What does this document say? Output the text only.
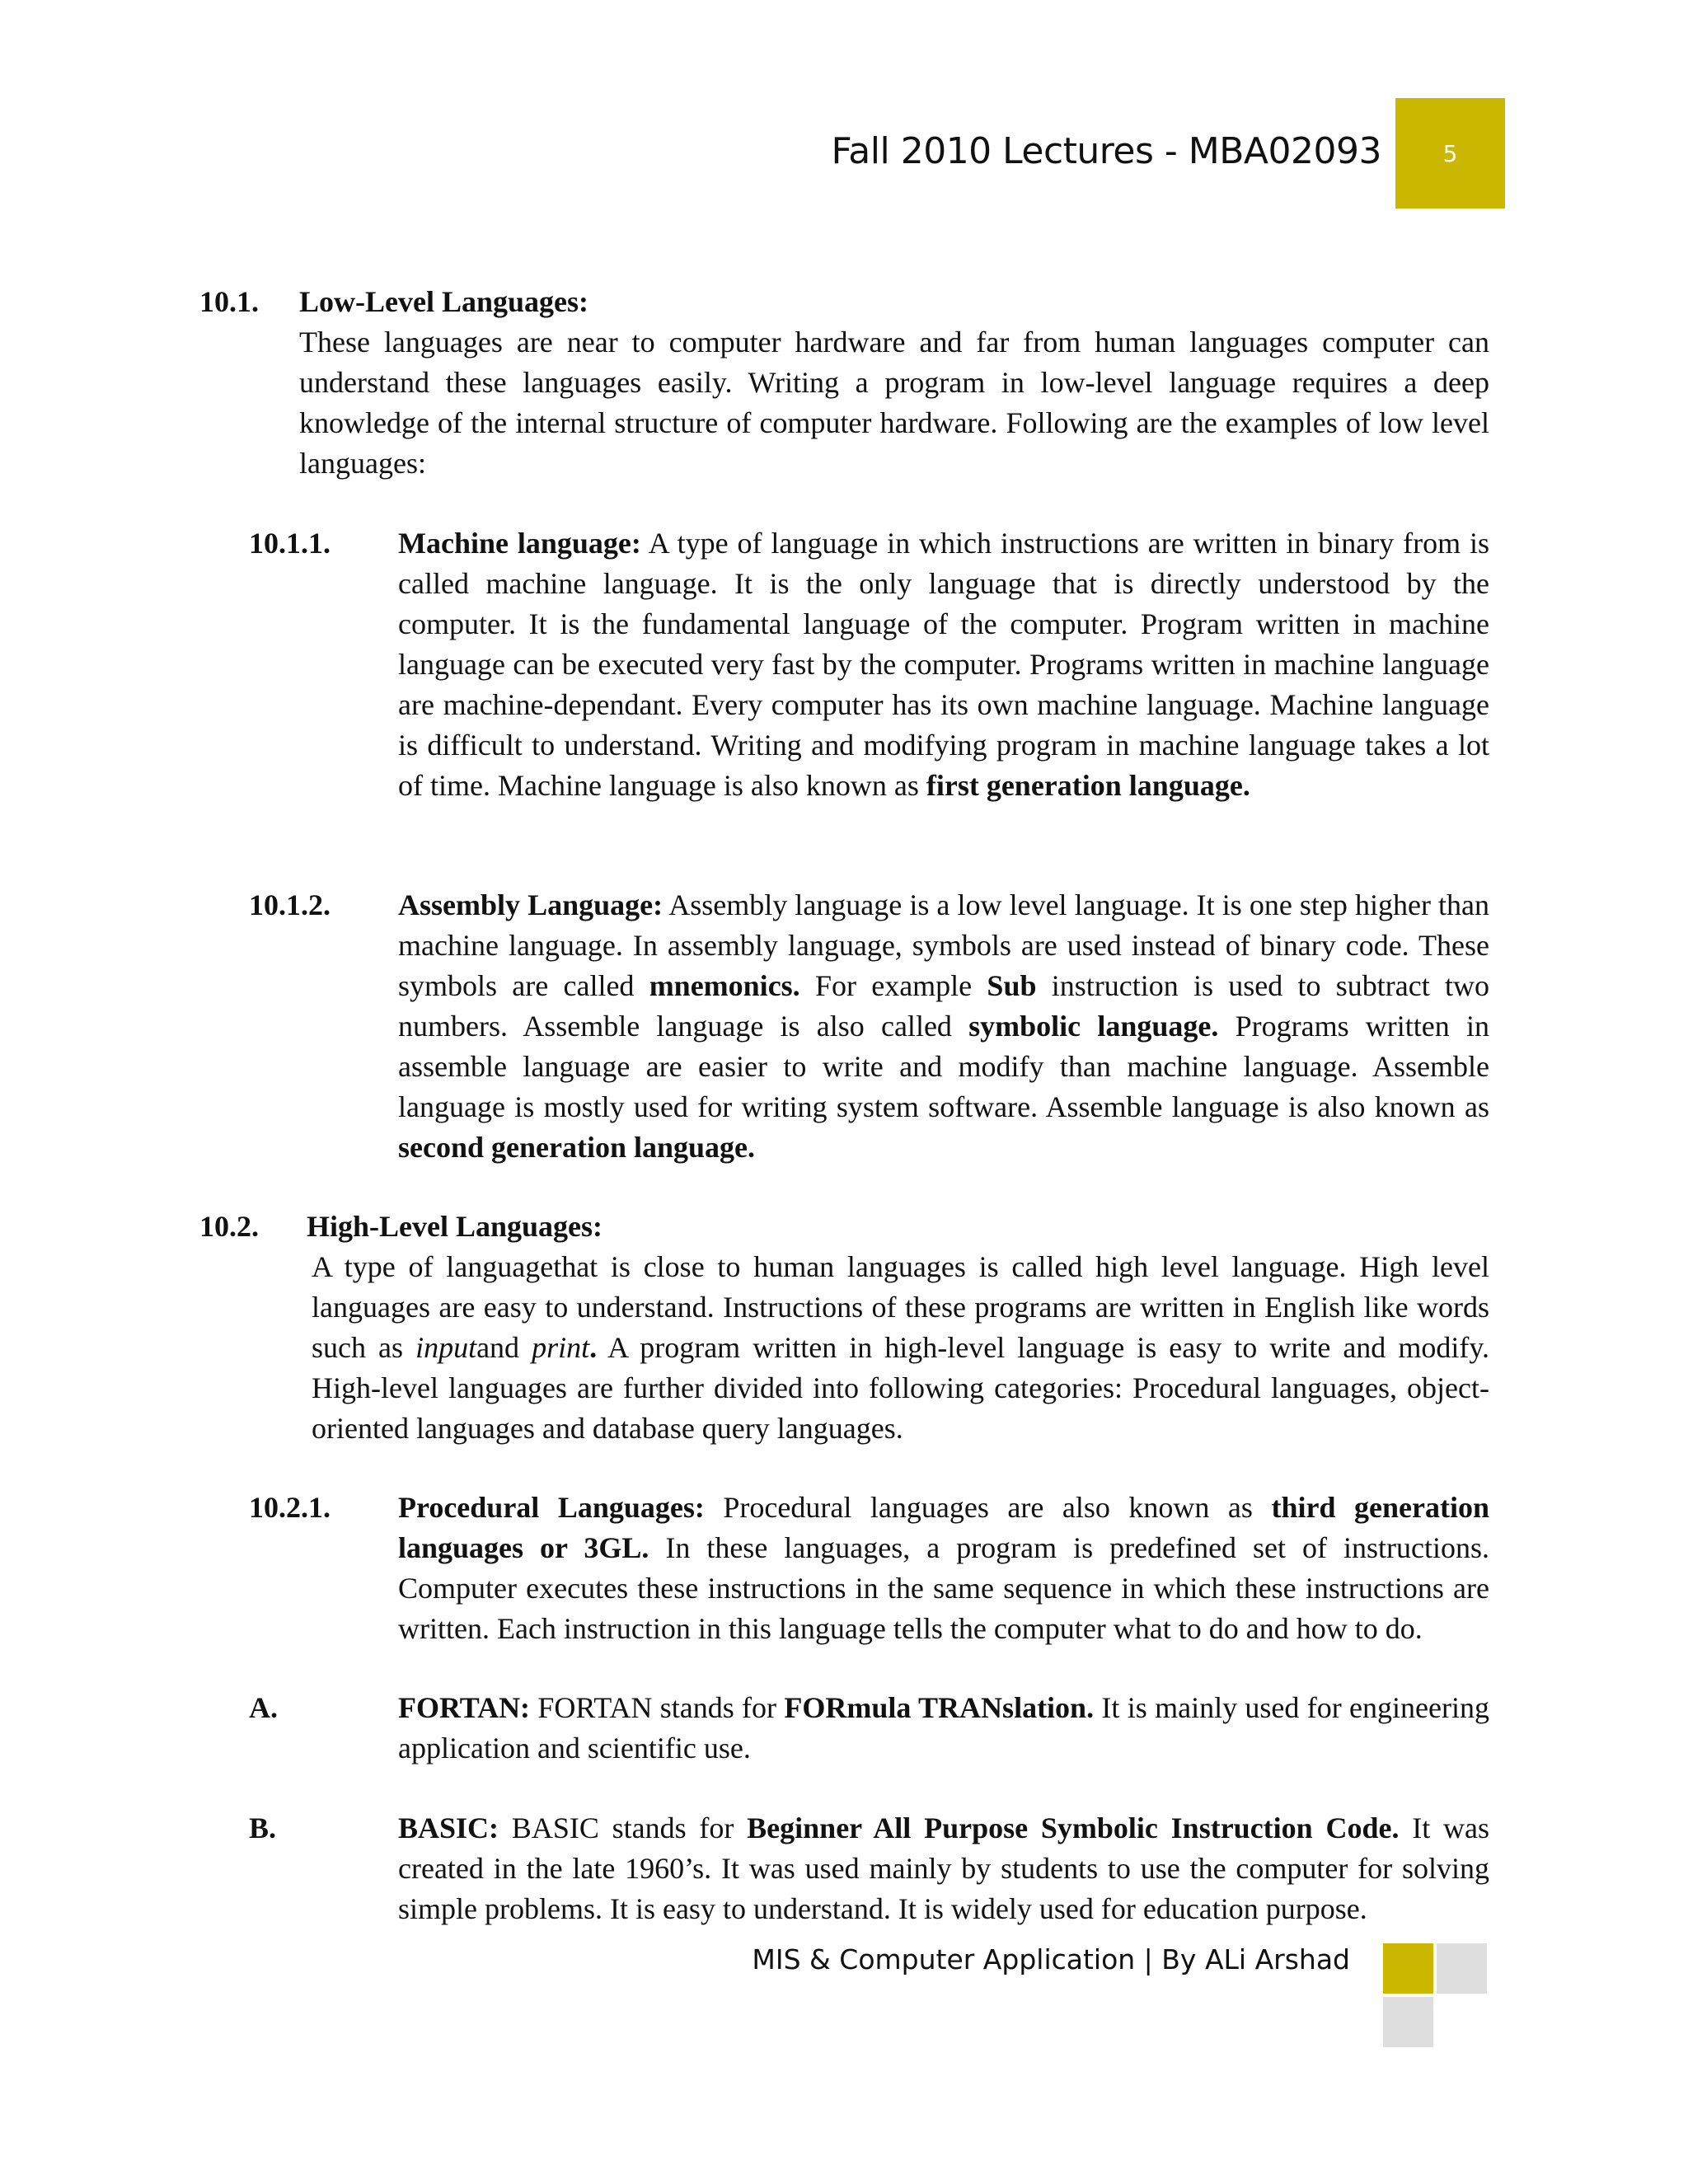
Fall 2010 Lectures - MBA02093	5
10.1. Low-Level Languages:
These languages are near to computer hardware and far from human languages computer can understand these languages easily. Writing a program in low-level language requires a deep knowledge of the internal structure of computer hardware. Following are the examples of low level languages:
10.1.1. Machine language: A type of language in which instructions are written in binary from is called machine language. It is the only language that is directly understood by the computer. It is the fundamental language of the computer. Program written in machine language can be executed very fast by the computer. Programs written in machine language are machine-dependant. Every computer has its own machine language. Machine language is difficult to understand. Writing and modifying program in machine language takes a lot of time. Machine language is also known as first generation language.
10.1.2. Assembly Language: Assembly language is a low level language. It is one step higher than machine language. In assembly language, symbols are used instead of binary code. These symbols are called mnemonics. For example Sub instruction is used to subtract two numbers. Assemble language is also called symbolic language. Programs written in assemble language are easier to write and modify than machine language. Assemble language is mostly used for writing system software. Assemble language is also known as second generation language.
10.2. High-Level Languages:
A type of languagethat is close to human languages is called high level language. High level languages are easy to understand. Instructions of these programs are written in English like words such as inputand print. A program written in high-level language is easy to write and modify. High-level languages are further divided into following categories: Procedural languages, object-oriented languages and database query languages.
10.2.1. Procedural Languages: Procedural languages are also known as third generation languages or 3GL. In these languages, a program is predefined set of instructions. Computer executes these instructions in the same sequence in which these instructions are written. Each instruction in this language tells the computer what to do and how to do.
A.	FORTAN: FORTAN stands for FORmula TRANslation. It is mainly used for engineering application and scientific use.
B.	BASIC: BASIC stands for Beginner All Purpose Symbolic Instruction Code. It was created in the late 1960’s. It was used mainly by students to use the computer for solving simple problems. It is easy to understand. It is widely used for education purpose.
MIS & Computer Application | By ALi Arshad
